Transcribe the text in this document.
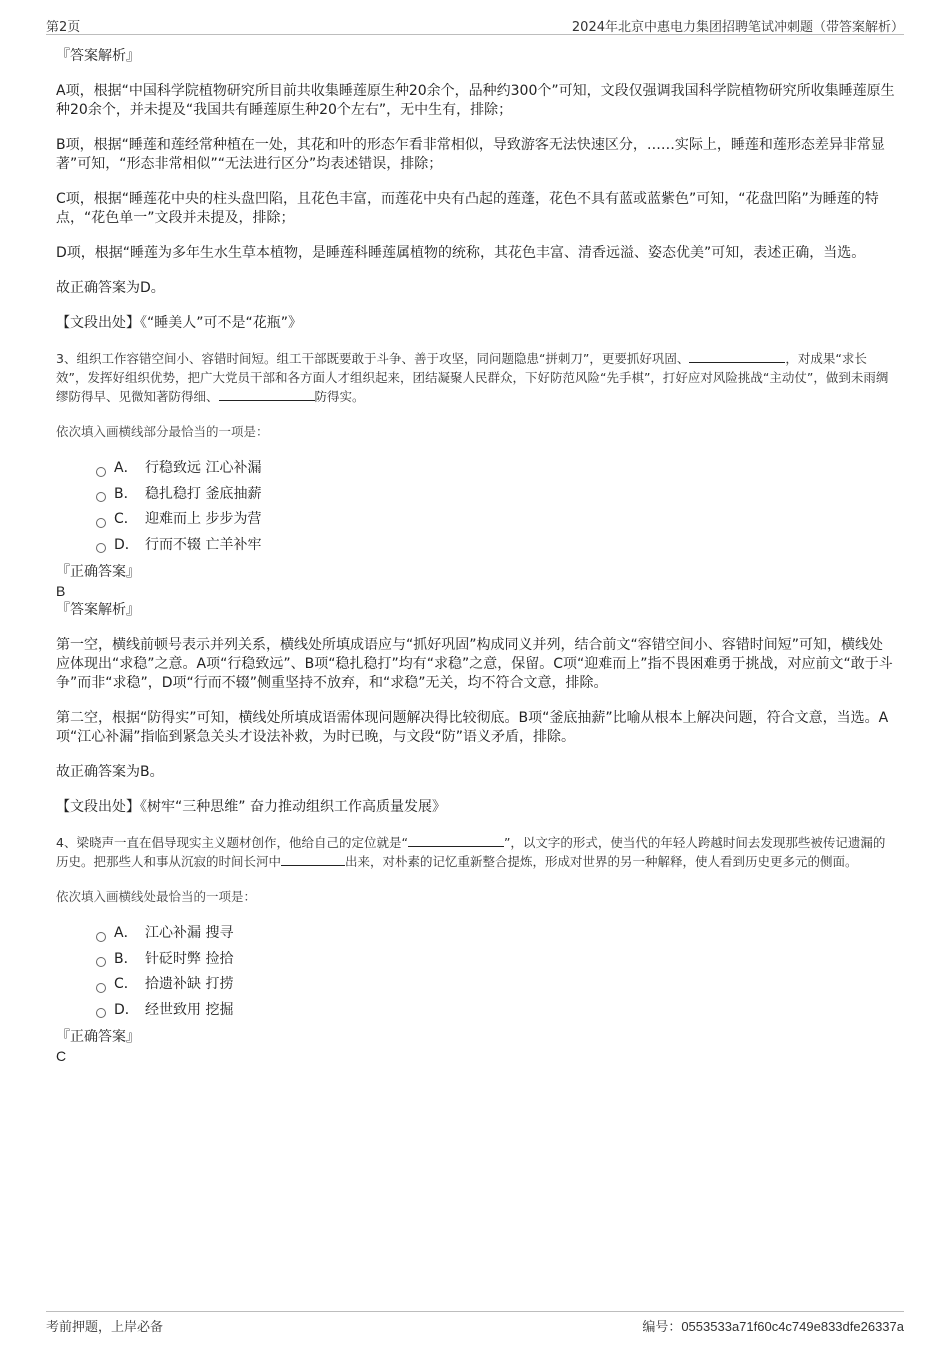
第2页	2024年北京中惠电力集团招聘笔试冲刺题（带答案解析）

『答案解析』

A项，根据“中国科学院植物研究所目前共收集睡莲原生种20余个，品种约300个”可知，文段仅强调我国科学院植物研究所收集睡莲原生种20余个，并未提及“我国共有睡莲原生种20个左右”，无中生有，排除；

B项，根据“睡莲和莲经常种植在一处，其花和叶的形态乍看非常相似，导致游客无法快速区分，……实际上，睡莲和莲形态差异非常显著”可知，“形态非常相似”“无法进行区分”均表述错误，排除；

C项，根据“睡莲花中央的柱头盘凹陷，且花色丰富，而莲花中央有凸起的莲蓬，花色不具有蓝或蓝紫色”可知，“花盘凹陷”为睡莲的特点，“花色单一”文段并未提及，排除；

D项，根据“睡莲为多年生水生草本植物，是睡莲科睡莲属植物的统称，其花色丰富、清香远溢、姿态优美”可知，表述正确，当选。

故正确答案为D。

【文段出处】《“睡美人”可不是“花瓶”》

3、组织工作容错空间小、容错时间短。组工干部既要敢于斗争、善于攻坚，同问题隐患“拼刺刀”，更要抓好巩固、	，对成果“求长效”，发挥好组织优势，把广大党员干部和各方面人才组织起来，团结凝聚人民群众，下好防范风险“先手棋”，打好应对风险挑战“主动仗”，做到未雨绸缪防得早、见微知著防得细、	防得实。

依次填入画横线部分最恰当的一项是：

A． 行稳致远 江心补漏
B． 稳扎稳打 釜底抽薪
C． 迎难而上 步步为营
D． 行而不辍 亡羊补牢

『正确答案』

B

『答案解析』

第一空，横线前顿号表示并列关系，横线处所填成语应与“抓好巩固”构成同义并列，结合前文“容错空间小、容错时间短”可知，横线处应体现出“求稳”之意。A项“行稳致远”、B项“稳扎稳打”均有“求稳”之意，保留。C项“迎难而上”指不畏困难勇于挑战，对应前文“敢于斗争”而非“求稳”，D项“行而不辍”侧重坚持不放弃，和“求稳”无关，均不符合文意，排除。

第二空，根据“防得实”可知，横线处所填成语需体现问题解决得比较彻底。B项“釜底抽薪”比喻从根本上解决问题，符合文意，当选。A项“江心补漏”指临到紧急关头才设法补救，为时已晚，与文段“防”语义矛盾，排除。

故正确答案为B。

【文段出处】《树牢“三种思维” 奋力推动组织工作高质量发展》

4、梁晓声一直在倡导现实主义题材创作，他给自己的定位就是“	”，以文字的形式，使当代的年轻人跨越时间去发现那些被传记遗漏的历史。把那些人和事从沉寂的时间长河中	出来，对朴素的记忆重新整合提炼，形成对世界的另一种解释，使人看到历史更多元的侧面。

依次填入画横线处最恰当的一项是：

A． 江心补漏 搜寻
B． 针砭时弊 捡拾
C． 拾遗补缺 打捞
D． 经世致用 挖掘

『正确答案』

C

考前押题，上岸必备	编号：0553533a71f60c4c749e833dfe26337a
